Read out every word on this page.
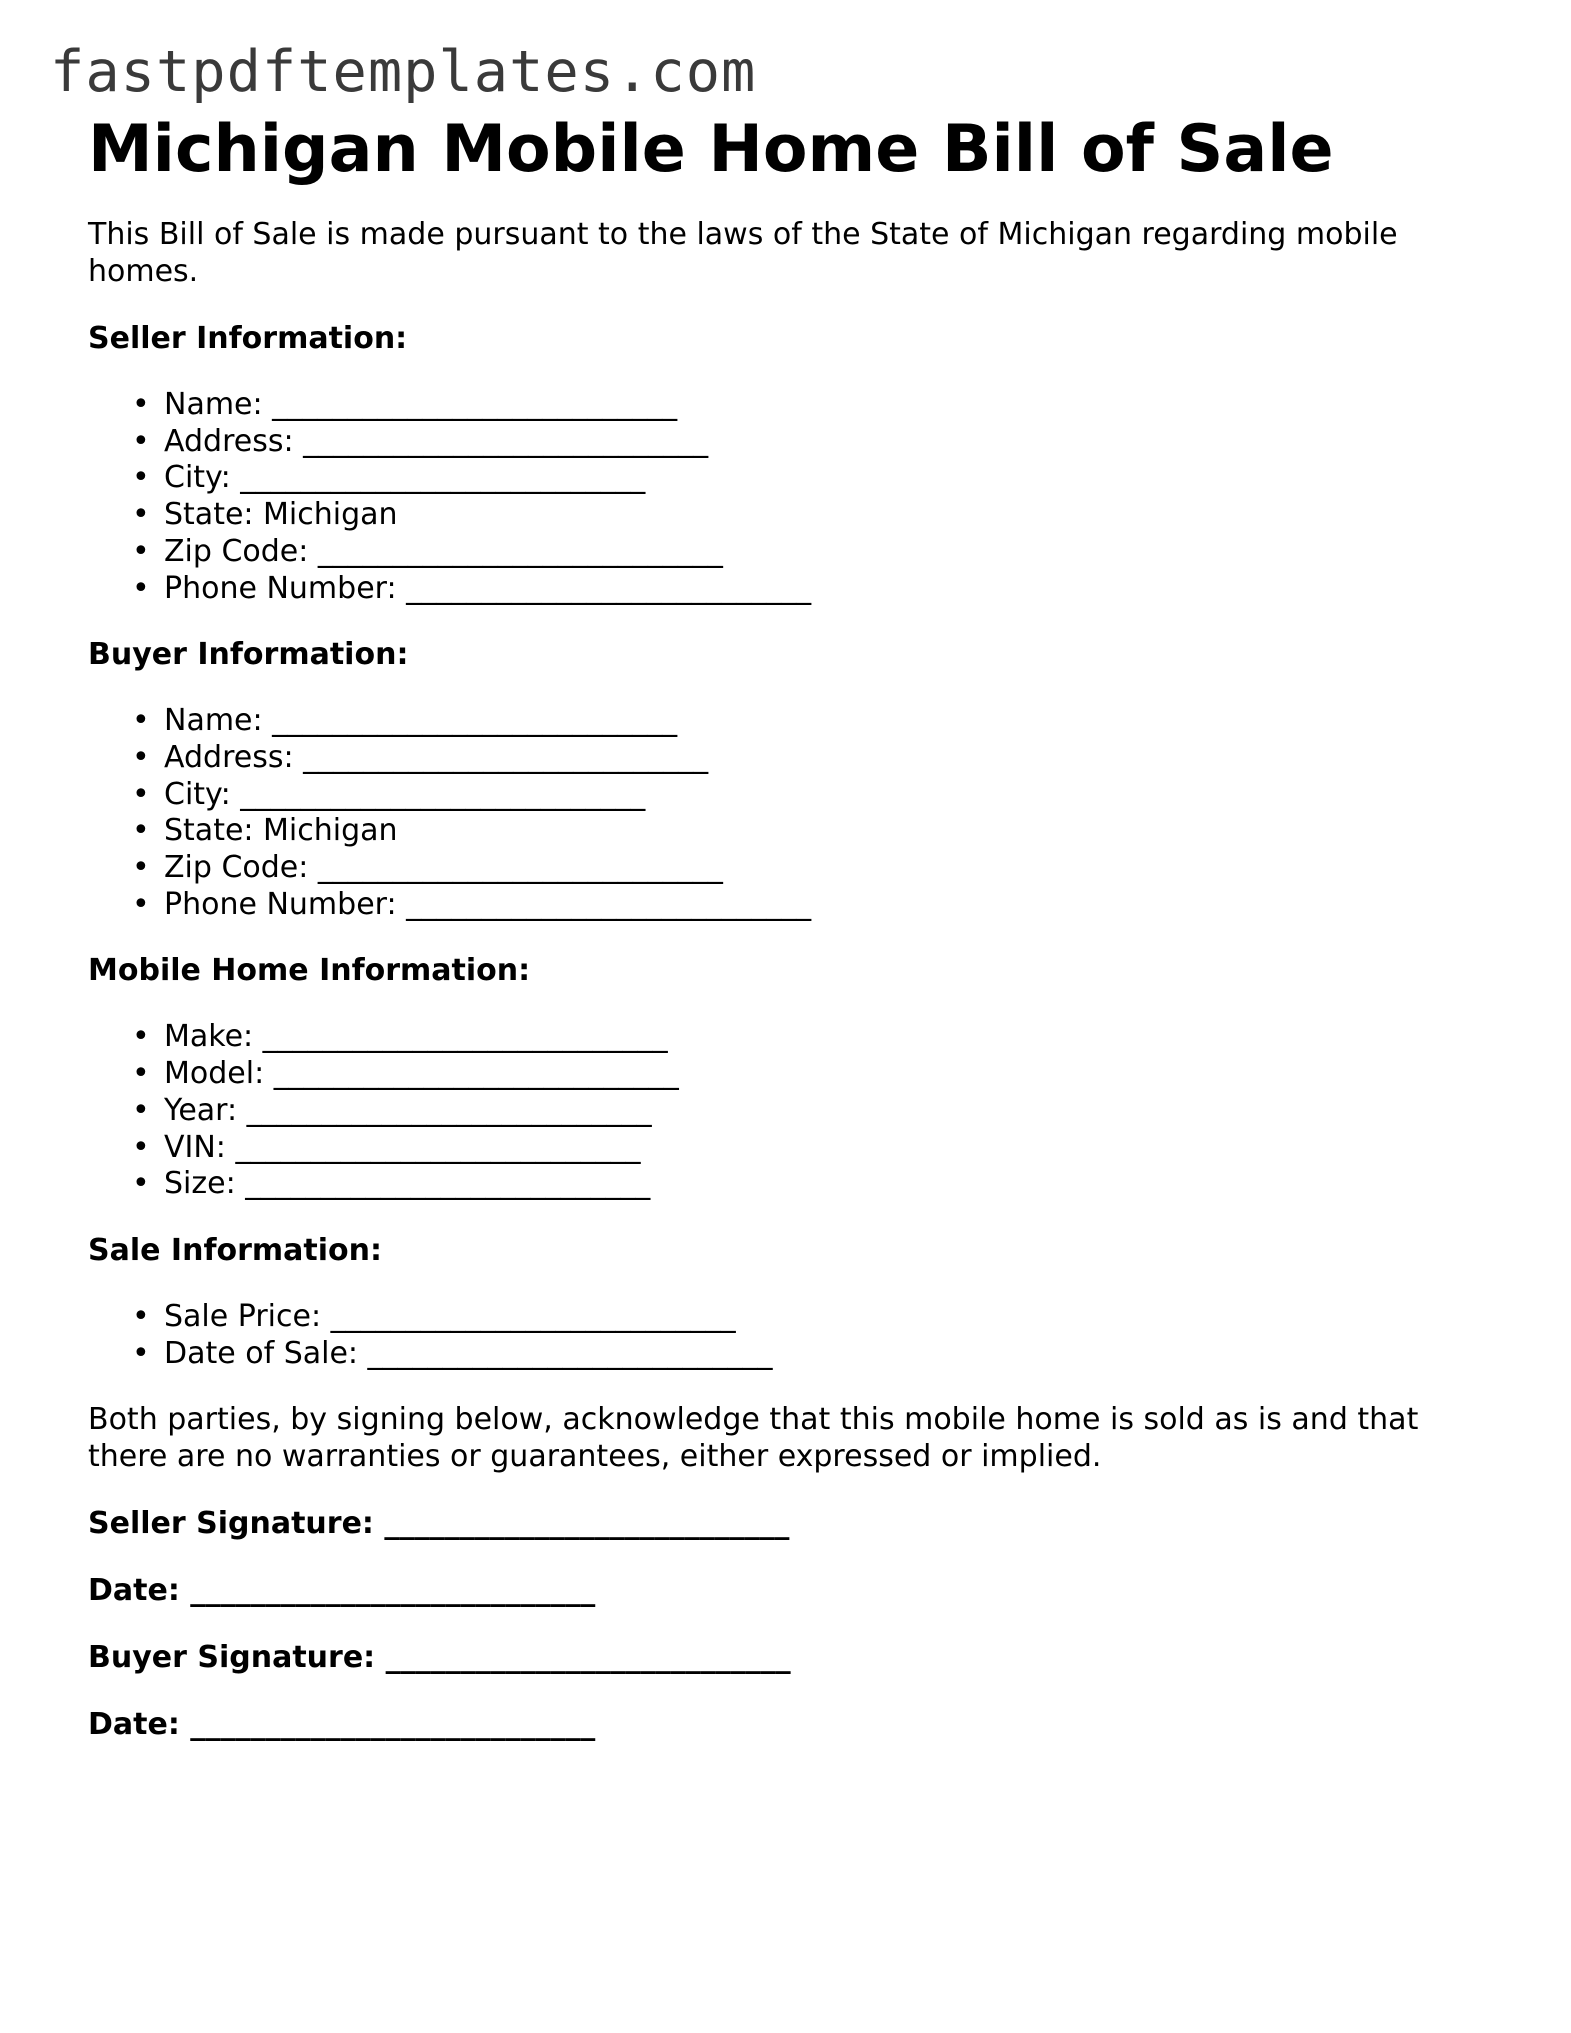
fastpdftemplates.com
Michigan Mobile Home Bill of Sale

This Bill of Sale is made pursuant to the laws of the State of Michigan regarding mobile homes.

Seller Information:
• Name: ___________________________
• Address: ___________________________
• City: ___________________________
• State: Michigan
• Zip Code: ___________________________
• Phone Number: ___________________________
Buyer Information:
• Name: ___________________________
• Address: ___________________________
• City: ___________________________
• State: Michigan
• Zip Code: ___________________________
• Phone Number: ___________________________
Mobile Home Information:
• Make: ___________________________
• Model: ___________________________
• Year: ___________________________
• VIN: ___________________________
• Size: ___________________________
Sale Information:
• Sale Price: ___________________________
• Date of Sale: ___________________________

Both parties, by signing below, acknowledge that this mobile home is sold as is and that there are no warranties or guarantees, either expressed or implied.

Seller Signature: ___________________________

Date: ___________________________

Buyer Signature: ___________________________

Date: ___________________________
